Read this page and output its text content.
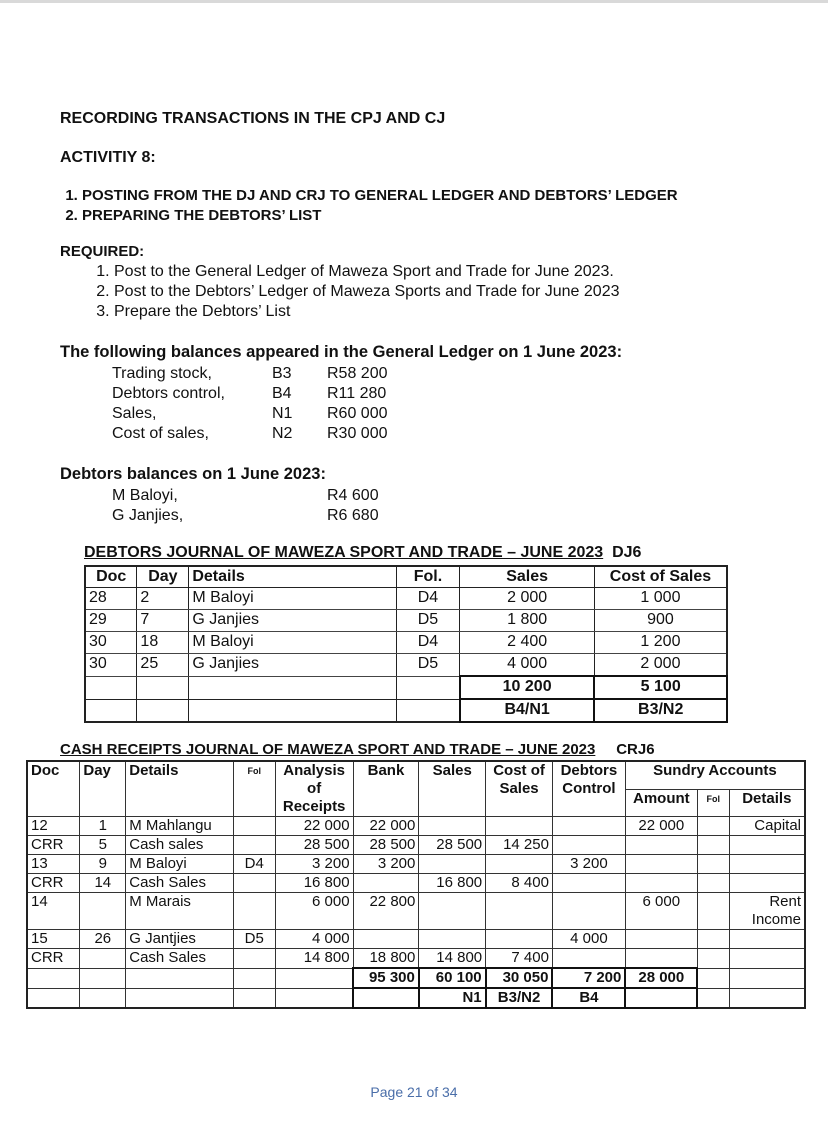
RECORDING TRANSACTIONS IN THE CPJ AND CJ
ACTIVITIY 8:
1. POSTING FROM THE DJ AND CRJ TO GENERAL LEDGER AND DEBTORS’ LEDGER
2. PREPARING THE DEBTORS’ LIST
REQUIRED:
1. Post to the General Ledger of Maweza Sport and Trade for June 2023.
2. Post to the Debtors’ Ledger of Maweza Sports and Trade for June 2023
3. Prepare the Debtors’ List
The following balances appeared in the General Ledger on 1 June 2023:
Trading stock,	B3 R58 200
Debtors control,	B4 R11 280
Sales,	N1 R60 000
Cost of sales,	N2 R30 000
Debtors balances on 1 June 2023:
M Baloyi,	R4 600
G Janjies,	R6 680
DEBTORS JOURNAL OF MAWEZA SPORT AND TRADE – JUNE 2023 DJ6
Doc	Day	Details	Fol.	Sales	Cost of Sales
28	2	M Baloyi	D4	2 000	1 000
29	7	G Janjies	D5	1 800	900
30	18	M Baloyi	D4	2 400	1 200
30	25	G Janjies	D5	4 000	2 000
				10 200	5 100
				B4/N1	B3/N2
CASH RECEIPTS JOURNAL OF MAWEZA SPORT AND TRADE – JUNE 2023 CRJ6
Doc	Day	Details	Fol	Analysis of Receipts	Bank	Sales	Cost of Sales	Debtors Control	Sundry Accounts		
									Amount	Fol	Details
12	1	M Mahlangu		22 000	22 000				22 000		Capital
CRR	5	Cash sales		28 500	28 500	28 500	14 250				
13	9	M Baloyi	D4	3 200	3 200			3 200			
CRR	14	Cash Sales		16 800		16 800	8 400				
14		M Marais		6 000	22 800				6 000		Rent Income
15	26	G Jantjies	D5	4 000				4 000			
CRR		Cash Sales		14 800	18 800	14 800	7 400				
					95 300	60 100	30 050	7 200	28 000		
						N1	B3/N2	B4			
Page 21 of 34
